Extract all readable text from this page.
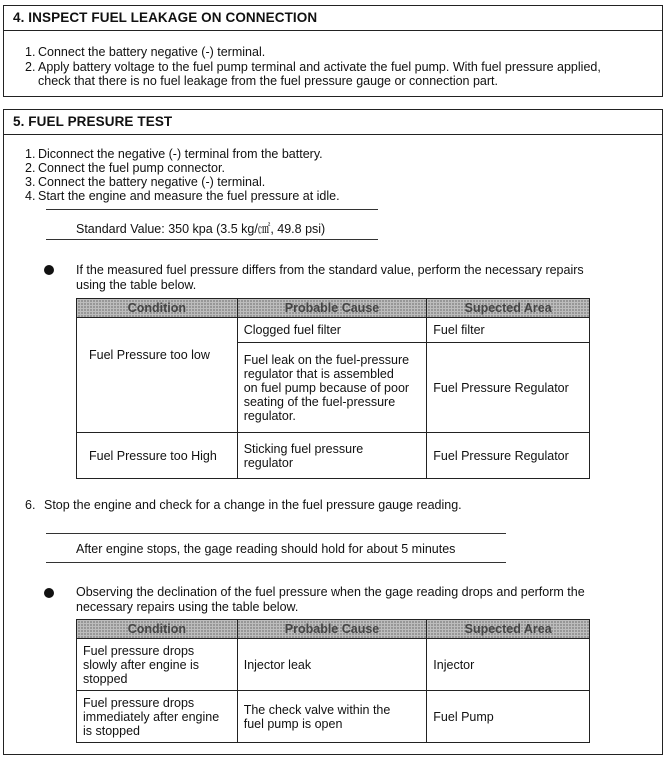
4. INSPECT FUEL LEAKAGE ON CONNECTION
1. Connect the battery negative (-) terminal.
2. Apply battery voltage to the fuel pump terminal and activate the fuel pump. With fuel pressure applied,
check that there is no fuel leakage from the fuel pressure gauge or connection part.
5. FUEL PRESURE TEST
1. Diconnect the negative (-) terminal from the battery.
2. Connect the fuel pump connector.
3. Connect the battery negative (-) terminal.
4. Start the engine and measure the fuel pressure at idle.
Standard Value: 350 kpa (3.5 kg/㎠, 49.8 psi)
If the measured fuel pressure differs from the standard value, perform the necessary repairs
using the table below.
Condition	Probable Cause	Supected Area
Fuel Pressure too low	Clogged fuel filter	Fuel filter
	Fuel leak on the fuel-pressure
regulator that is assembled
on fuel pump because of poor
seating of the fuel-pressure
regulator.	Fuel Pressure Regulator
Fuel Pressure too High	Sticking fuel pressure
regulator	Fuel Pressure Regulator
6. Stop the engine and check for a change in the fuel pressure gauge reading.
After engine stops, the gage reading should hold for about 5 minutes
Observing the declination of the fuel pressure when the gage reading drops and perform the
necessary repairs using the table below.
Condition	Probable Cause	Supected Area
Fuel pressure drops
slowly after engine is
stopped	Injector leak	Injector
Fuel pressure drops
immediately after engine
is stopped	The check valve within the
fuel pump is open	Fuel Pump
